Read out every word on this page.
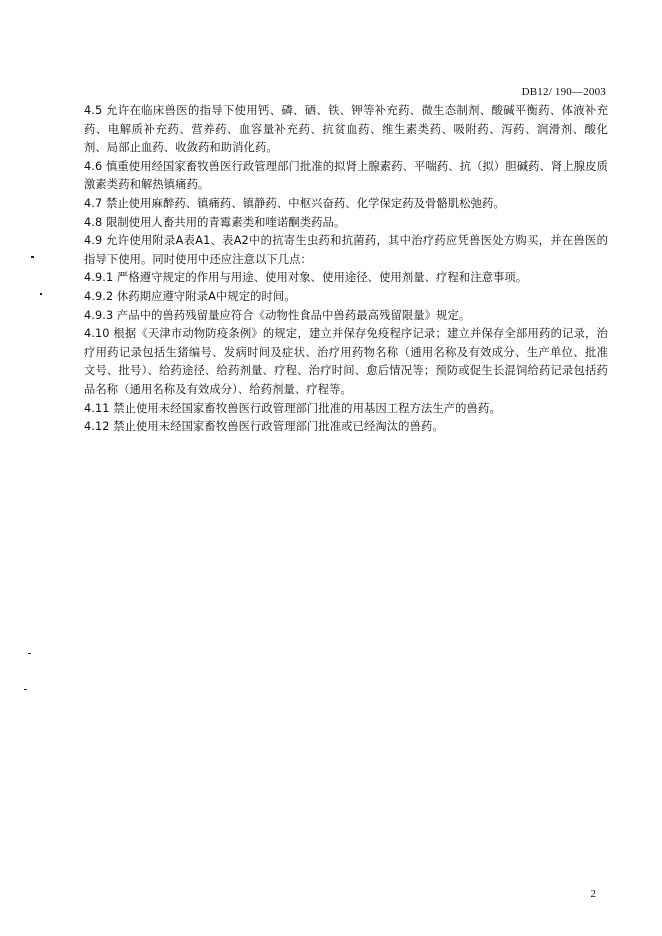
DB12/ 190—2003

4.5 允许在临床兽医的指导下使用钙、磷、硒、铁、钾等补充药、微生态制剂、酸碱平衡药、体液补充药、电解质补充药、营养药、血容量补充药、抗贫血药、维生素类药、吸附药、泻药、润滑剂、酸化剂、局部止血药、收敛药和助消化药。

4.6 慎重使用经国家畜牧兽医行政管理部门批准的拟肾上腺素药、平喘药、抗（拟）胆碱药、肾上腺皮质激素类药和解热镇痛药。

4.7 禁止使用麻醉药、镇痛药、镇静药、中枢兴奋药、化学保定药及骨骼肌松弛药。

4.8 限制使用人畜共用的青霉素类和喹诺酮类药品。

4.9 允许使用附录A表A1、表A2中的抗寄生虫药和抗菌药，其中治疗药应凭兽医处方购买，并在兽医的指导下使用。同时使用中还应注意以下几点：

4.9.1 严格遵守规定的作用与用途、使用对象、使用途径、使用剂量、疗程和注意事项。

4.9.2 休药期应遵守附录A中规定的时间。

4.9.3 产品中的兽药残留量应符合《动物性食品中兽药最高残留限量》规定。

4.10 根据《天津市动物防疫条例》的规定，建立并保存免疫程序记录；建立并保存全部用药的记录，治疗用药记录包括生猪编号、发病时间及症状、治疗用药物名称（通用名称及有效成分、生产单位、批准文号、批号）、给药途径、给药剂量、疗程、治疗时间、愈后情况等；预防或促生长混饲给药记录包括药品名称（通用名称及有效成分）、给药剂量、疗程等。

4.11 禁止使用未经国家畜牧兽医行政管理部门批准的用基因工程方法生产的兽药。

4.12 禁止使用未经国家畜牧兽医行政管理部门批准或已经淘汰的兽药。

2
